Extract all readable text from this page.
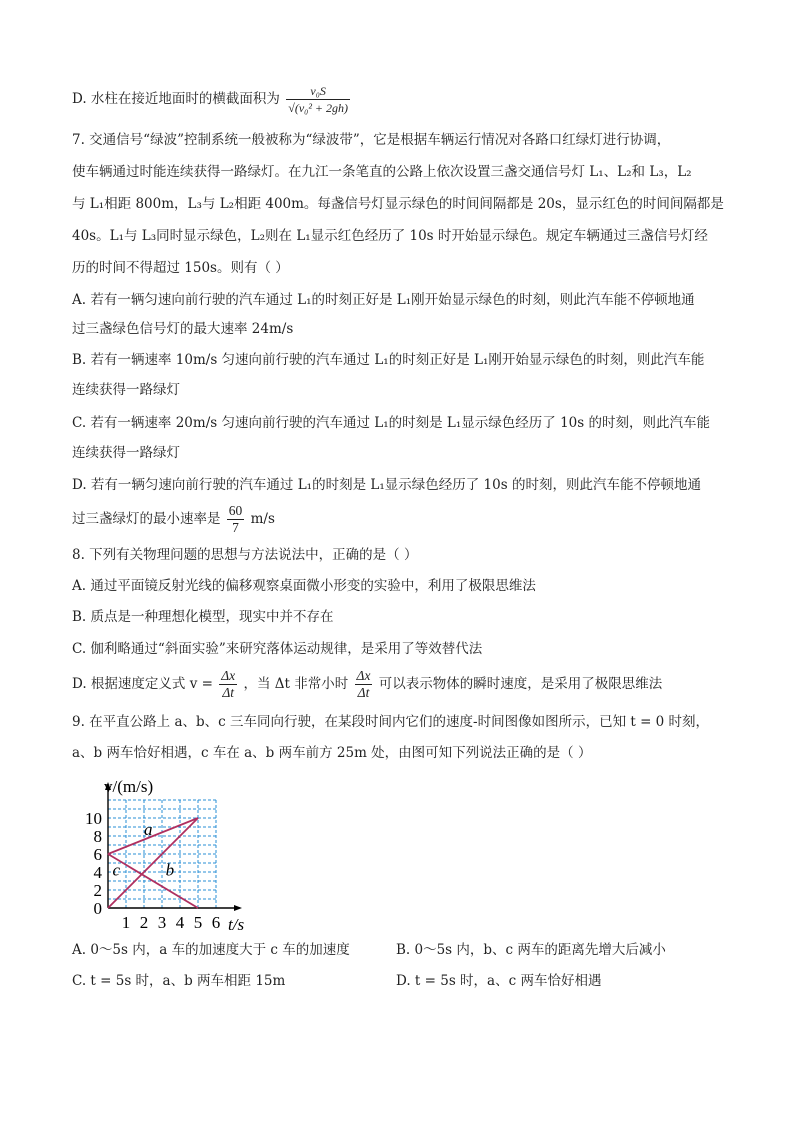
D. 水柱在接近地面时的横截面积为 $\frac{\text{v₀S}}{\text{√(v₀² + 2gh)}}$
7. 交通信号“绿波”控制系统一般被称为“绿波带”，它是根据车辆运行情况对各路口红绿灯进行协调，
使车辆通过时能连续获得一路绿灯。在九江一条笔直的公路上依次设置三盏交通信号灯 L₁、L₂和 L₃，L₂
与 L₁相距 800m，L₃与 L₂相距 400m。每盏信号灯显示绿色的时间间隔都是 20s，显示红色的时间间隔都是
40s。L₁与 L₃同时显示绿色，L₂则在 L₁显示红色经历了 10s 时开始显示绿色。规定车辆通过三盏信号灯经
历的时间不得超过 150s。则有（ ）
A. 若有一辆匀速向前行驶的汽车通过 L₁的时刻正好是 L₁刚开始显示绿色的时刻，则此汽车能不停顿地通
过三盏绿色信号灯的最大速率 24m/s
B. 若有一辆速率 10m/s 匀速向前行驶的汽车通过 L₁的时刻正好是 L₁刚开始显示绿色的时刻，则此汽车能
连续获得一路绿灯
C. 若有一辆速率 20m/s 匀速向前行驶的汽车通过 L₁的时刻是 L₁显示绿色经历了 10s 的时刻，则此汽车能
连续获得一路绿灯
D. 若有一辆匀速向前行驶的汽车通过 L₁的时刻是 L₁显示绿色经历了 10s 的时刻，则此汽车能不停顿地通
过三盏绿灯的最小速率是 $\frac{60}{7} m/s$
8. 下列有关物理问题的思想与方法说法中，正确的是（ ）
A. 通过平面镜反射光线的偏移观察桌面微小形变的实验中，利用了极限思维法
B. 质点是一种理想化模型，现实中并不存在
C. 伽利略通过“斜面实验”来研究落体运动规律，是采用了等效替代法
D. 根据速度定义式 $v = \frac{\Delta x}{\Delta t}$ ，当 Δt 非常小时 $\frac{\Delta x}{\Delta t}$ 可以表示物体的瞬时速度，是采用了极限思维法
9. 在平直公路上 a、b、c 三车同向行驶，在某段时间内它们的速度-时间图像如图所示，已知 t = 0 时刻，
a、b 两车恰好相遇，c 车在 a、b 两车前方 25m 处，由图可知下列说法正确的是（ ）
a
b
c
0
2
4
6
8
10
1 2 3 4 5 6
v/(m/s)
t/s
A. 0～5s 内，a 车的加速度大于 c 车的加速度	B. 0～5s 内，b、c 两车的距离先增大后减小
C. t = 5s 时，a、b 两车相距 15m	D. t = 5s 时，a、c 两车恰好相遇
